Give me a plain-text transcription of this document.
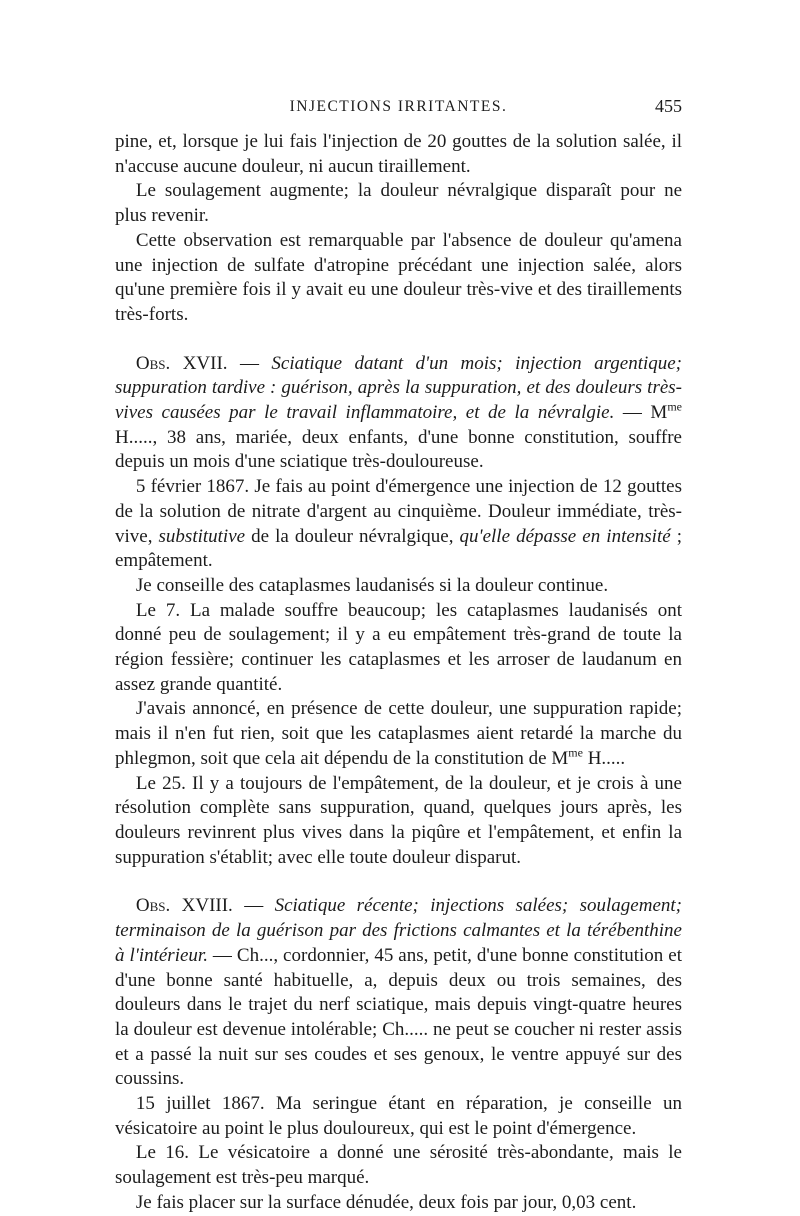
INJECTIONS IRRITANTES.	455

pine, et, lorsque je lui fais l'injection de 20 gouttes de la solution salée, il n'accuse aucune douleur, ni aucun tiraillement.

Le soulagement augmente; la douleur névralgique disparaît pour ne plus revenir.

Cette observation est remarquable par l'absence de douleur qu'amena une injection de sulfate d'atropine précédant une injection salée, alors qu'une première fois il y avait eu une douleur très-vive et des tiraillements très-forts.

Obs. XVII. — Sciatique datant d'un mois; injection argentique; suppuration tardive : guérison, après la suppuration, et des douleurs très-vives causées par le travail inflammatoire, et de la névralgie. — $M^{me}$ H....., 38 ans, mariée, deux enfants, d'une bonne constitution, souffre depuis un mois d'une sciatique très-douloureuse.

5 février 1867. Je fais au point d'émergence une injection de 12 gouttes de la solution de nitrate d'argent au cinquième. Douleur immédiate, très-vive, substitutive de la douleur névralgique, qu'elle dépasse en intensité ; empâtement.

Je conseille des cataplasmes laudanisés si la douleur continue.

Le 7. La malade souffre beaucoup; les cataplasmes laudanisés ont donné peu de soulagement; il y a eu empâtement très-grand de toute la région fessière; continuer les cataplasmes et les arroser de laudanum en assez grande quantité.

J'avais annoncé, en présence de cette douleur, une suppuration rapide; mais il n'en fut rien, soit que les cataplasmes aient retardé la marche du phlegmon, soit que cela ait dépendu de la constitution de $M^{me}$ H.....

Le 25. Il y a toujours de l'empâtement, de la douleur, et je crois à une résolution complète sans suppuration, quand, quelques jours après, les douleurs revinrent plus vives dans la piqûre et l'empâtement, et enfin la suppuration s'établit; avec elle toute douleur disparut.

Obs. XVIII. — Sciatique récente; injections salées; soulagement; terminaison de la guérison par des frictions calmantes et la térébenthine à l'intérieur. — Ch..., cordonnier, 45 ans, petit, d'une bonne constitution et d'une bonne santé habituelle, a, depuis deux ou trois semaines, des douleurs dans le trajet du nerf sciatique, mais depuis vingt-quatre heures la douleur est devenue intolérable; Ch..... ne peut se coucher ni rester assis et a passé la nuit sur ses coudes et ses genoux, le ventre appuyé sur des coussins.

15 juillet 1867. Ma seringue étant en réparation, je conseille un vésicatoire au point le plus douloureux, qui est le point d'émergence.

Le 16. Le vésicatoire a donné une sérosité très-abondante, mais le soulagement est très-peu marqué.

Je fais placer sur la surface dénudée, deux fois par jour, 0,03 cent.
